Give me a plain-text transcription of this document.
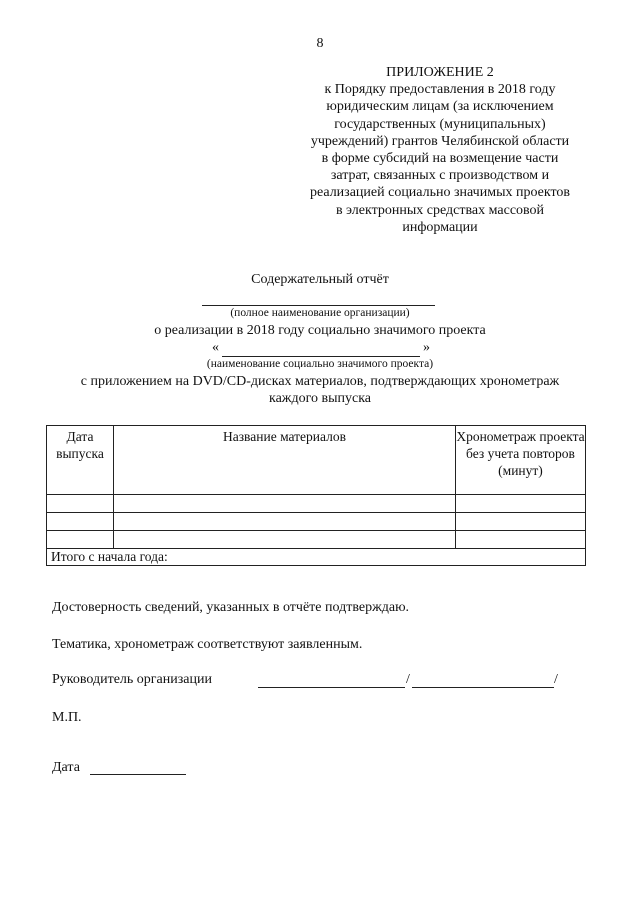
8
ПРИЛОЖЕНИЕ 2
к Порядку предоставления в 2018 году
юридическим лицам (за исключением
государственных (муниципальных)
учреждений) грантов Челябинской области
в форме субсидий на возмещение части
затрат, связанных с производством и
реализацией социально значимых проектов
в электронных средствах массовой
информации
Содержательный отчёт
(полное наименование организации)
о реализации в 2018 году социально значимого проекта
«	»
(наименование социально значимого проекта)
с приложением на DVD/CD-дисках материалов, подтверждающих хронометраж
каждого выпуска
Дата выпуска	Название материалов	Хронометраж проекта без учета повторов (минут)

Итого с начала года:		
Достоверность сведений, указанных в отчёте подтверждаю.
Тематика, хронометраж соответствуют заявленным.
Руководитель организации	/	/
М.П.
Дата
